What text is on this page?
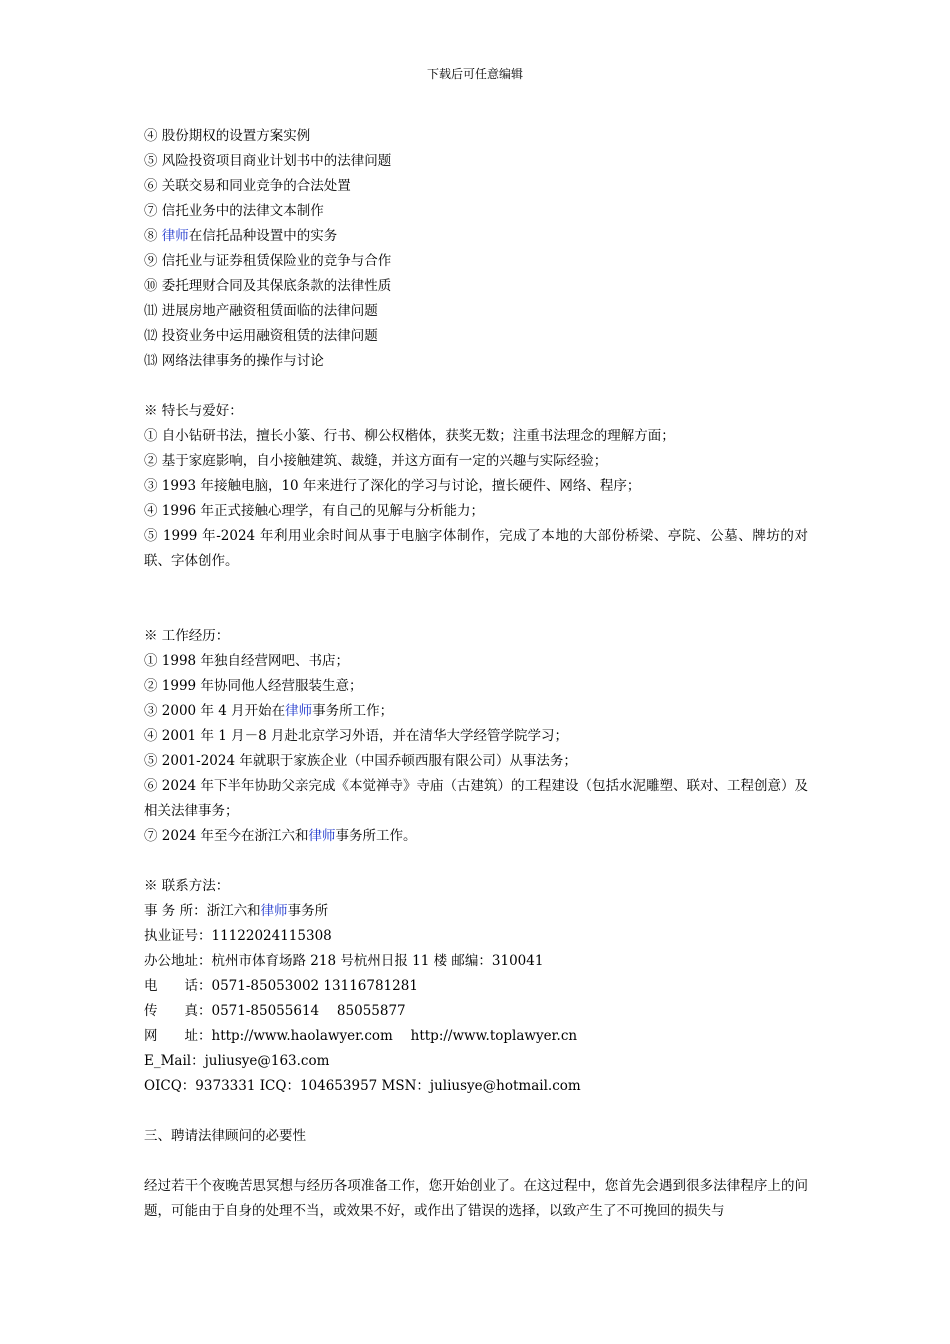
下载后可任意编辑
④ 股份期权的设置方案实例
⑤ 风险投资项目商业计划书中的法律问题
⑥ 关联交易和同业竞争的合法处置
⑦ 信托业务中的法律文本制作
⑧ 律师在信托品种设置中的实务
⑨ 信托业与证券租赁保险业的竞争与合作
⑩ 委托理财合同及其保底条款的法律性质
⑾ 进展房地产融资租赁面临的法律问题
⑿ 投资业务中运用融资租赁的法律问题
⒀ 网络法律事务的操作与讨论
※ 特长与爱好：
① 自小钻研书法，擅长小篆、行书、柳公权楷体，获奖无数；注重书法理念的理解方面；
② 基于家庭影响，自小接触建筑、裁缝，并这方面有一定的兴趣与实际经验；
③ 1993 年接触电脑，10 年来进行了深化的学习与讨论，擅长硬件、网络、程序；
④ 1996 年正式接触心理学，有自己的见解与分析能力；
⑤ 1999 年-2024 年利用业余时间从事于电脑字体制作，完成了本地的大部份桥梁、亭院、公墓、牌坊的对联、字体创作。
※ 工作经历：
① 1998 年独自经营网吧、书店；
② 1999 年协同他人经营服装生意；
③ 2000 年 4 月开始在律师事务所工作；
④ 2001 年 1 月－8 月赴北京学习外语，并在清华大学经管学院学习；
⑤ 2001-2024 年就职于家族企业（中国乔顿西服有限公司）从事法务；
⑥ 2024 年下半年协助父亲完成《本觉禅寺》寺庙（古建筑）的工程建设（包括水泥雕塑、联对、工程创意）及相关法律事务；
⑦ 2024 年至今在浙江六和律师事务所工作。
※ 联系方法：
事 务 所：浙江六和律师事务所
执业证号：11122024115308
办公地址：杭州市体育场路 218 号杭州日报 11 楼 邮编：310041
电　　话：0571-85053002 13116781281
传　　真：0571-85055614　 85055877
网　　址：http://www.haolawyer.com　 http://www.toplawyer.cn
E_Mail：juliusye@163.com
OICQ：9373331 ICQ：104653957 MSN：juliusye@hotmail.com
三、聘请法律顾问的必要性
经过若干个夜晚苦思冥想与经历各项准备工作，您开始创业了。在这过程中，您首先会遇到很多法律程序上的问题，可能由于自身的处理不当，或效果不好，或作出了错误的选择，以致产生了不可挽回的损失与
